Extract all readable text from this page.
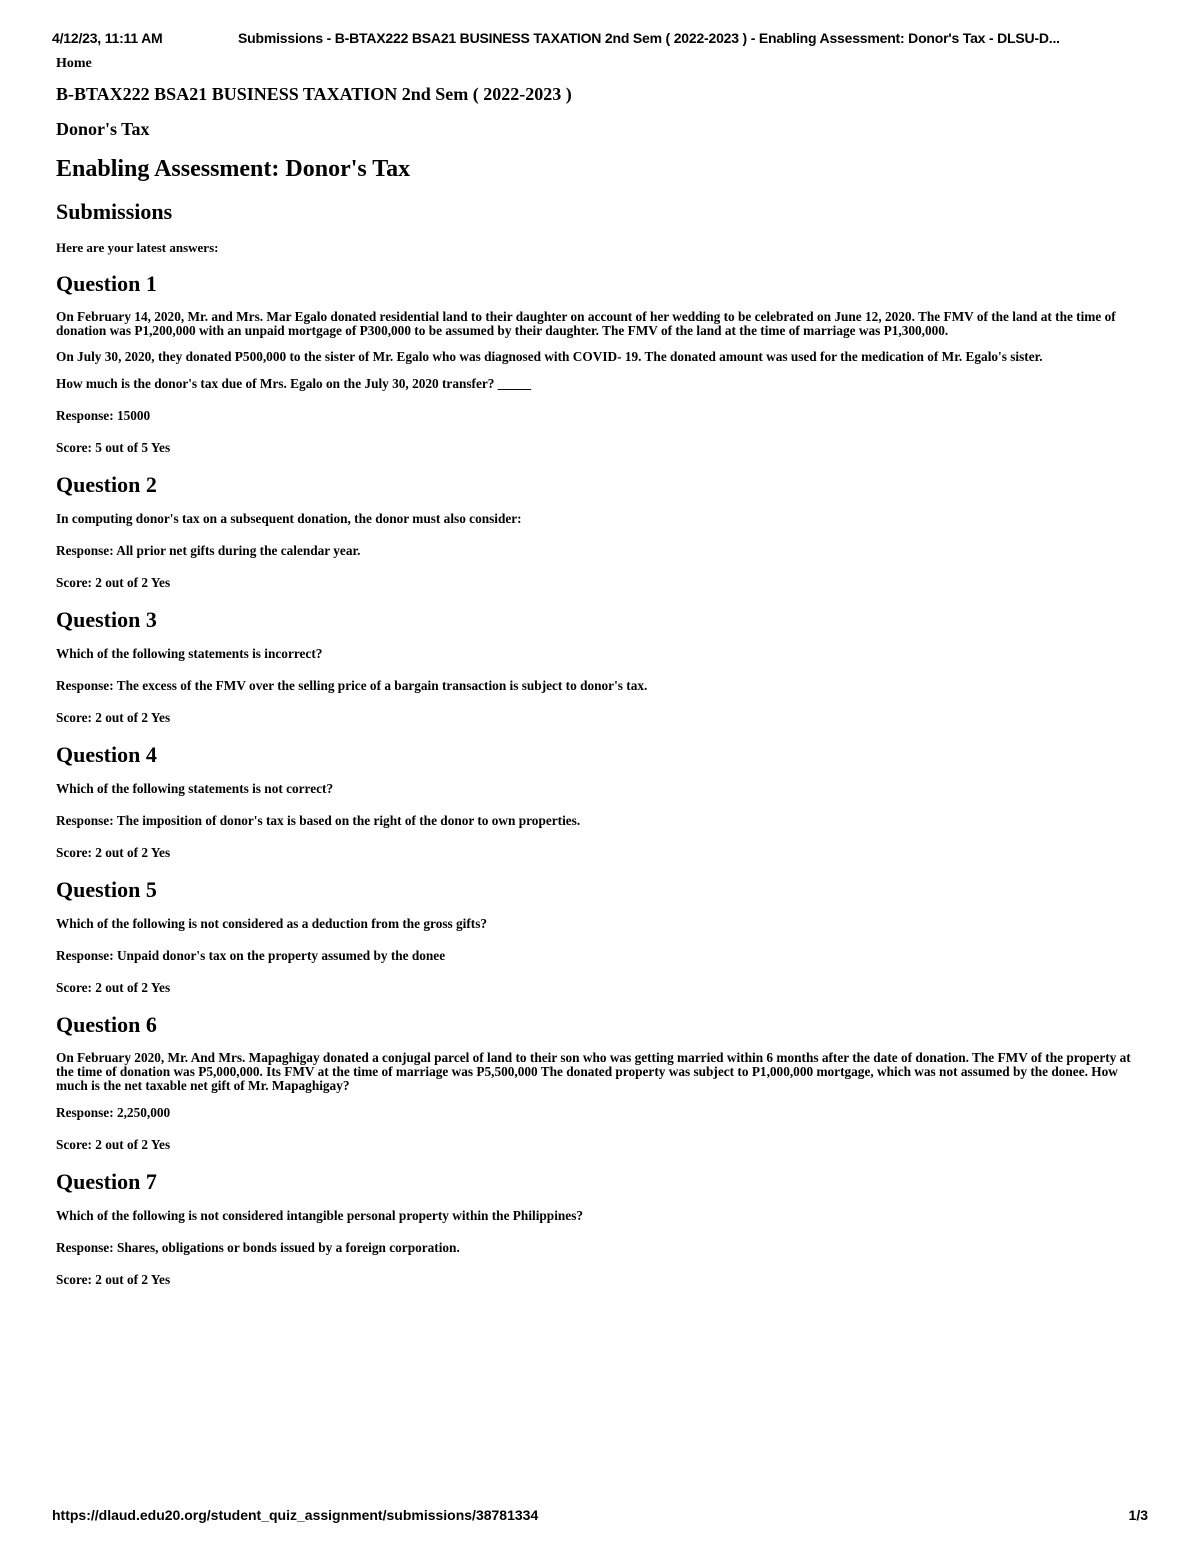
4/12/23, 11:11 AM	Submissions - B-BTAX222 BSA21 BUSINESS TAXATION 2nd Sem ( 2022-2023 ) - Enabling Assessment: Donor's Tax - DLSU-D...
Home
B-BTAX222 BSA21 BUSINESS TAXATION 2nd Sem ( 2022-2023 )
Donor's Tax
Enabling Assessment: Donor's Tax
Submissions
Here are your latest answers:
Question 1
On February 14, 2020, Mr. and Mrs. Mar Egalo donated residential land to their daughter on account of her wedding to be celebrated on June 12, 2020. The FMV of the land at the time of donation was P1,200,000 with an unpaid mortgage of P300,000 to be assumed by their daughter. The FMV of the land at the time of marriage was P1,300,000.
On July 30, 2020, they donated P500,000 to the sister of Mr. Egalo who was diagnosed with COVID- 19. The donated amount was used for the medication of Mr. Egalo's sister.
How much is the donor's tax due of Mrs. Egalo on the July 30, 2020 transfer? _____
Response: 15000
Score: 5 out of 5 Yes
Question 2
In computing donor's tax on a subsequent donation, the donor must also consider:
Response: All prior net gifts during the calendar year.
Score: 2 out of 2 Yes
Question 3
Which of the following statements is incorrect?
Response: The excess of the FMV over the selling price of a bargain transaction is subject to donor's tax.
Score: 2 out of 2 Yes
Question 4
Which of the following statements is not correct?
Response: The imposition of donor's tax is based on the right of the donor to own properties.
Score: 2 out of 2 Yes
Question 5
Which of the following is not considered as a deduction from the gross gifts?
Response: Unpaid donor's tax on the property assumed by the donee
Score: 2 out of 2 Yes
Question 6
On February 2020, Mr. And Mrs. Mapaghigay donated a conjugal parcel of land to their son who was getting married within 6 months after the date of donation. The FMV of the property at the time of donation was P5,000,000. Its FMV at the time of marriage was P5,500,000 The donated property was subject to P1,000,000 mortgage, which was not assumed by the donee. How much is the net taxable net gift of Mr. Mapaghigay?
Response: 2,250,000
Score: 2 out of 2 Yes
Question 7
Which of the following is not considered intangible personal property within the Philippines?
Response: Shares, obligations or bonds issued by a foreign corporation.
Score: 2 out of 2 Yes
https://dlaud.edu20.org/student_quiz_assignment/submissions/38781334	1/3
